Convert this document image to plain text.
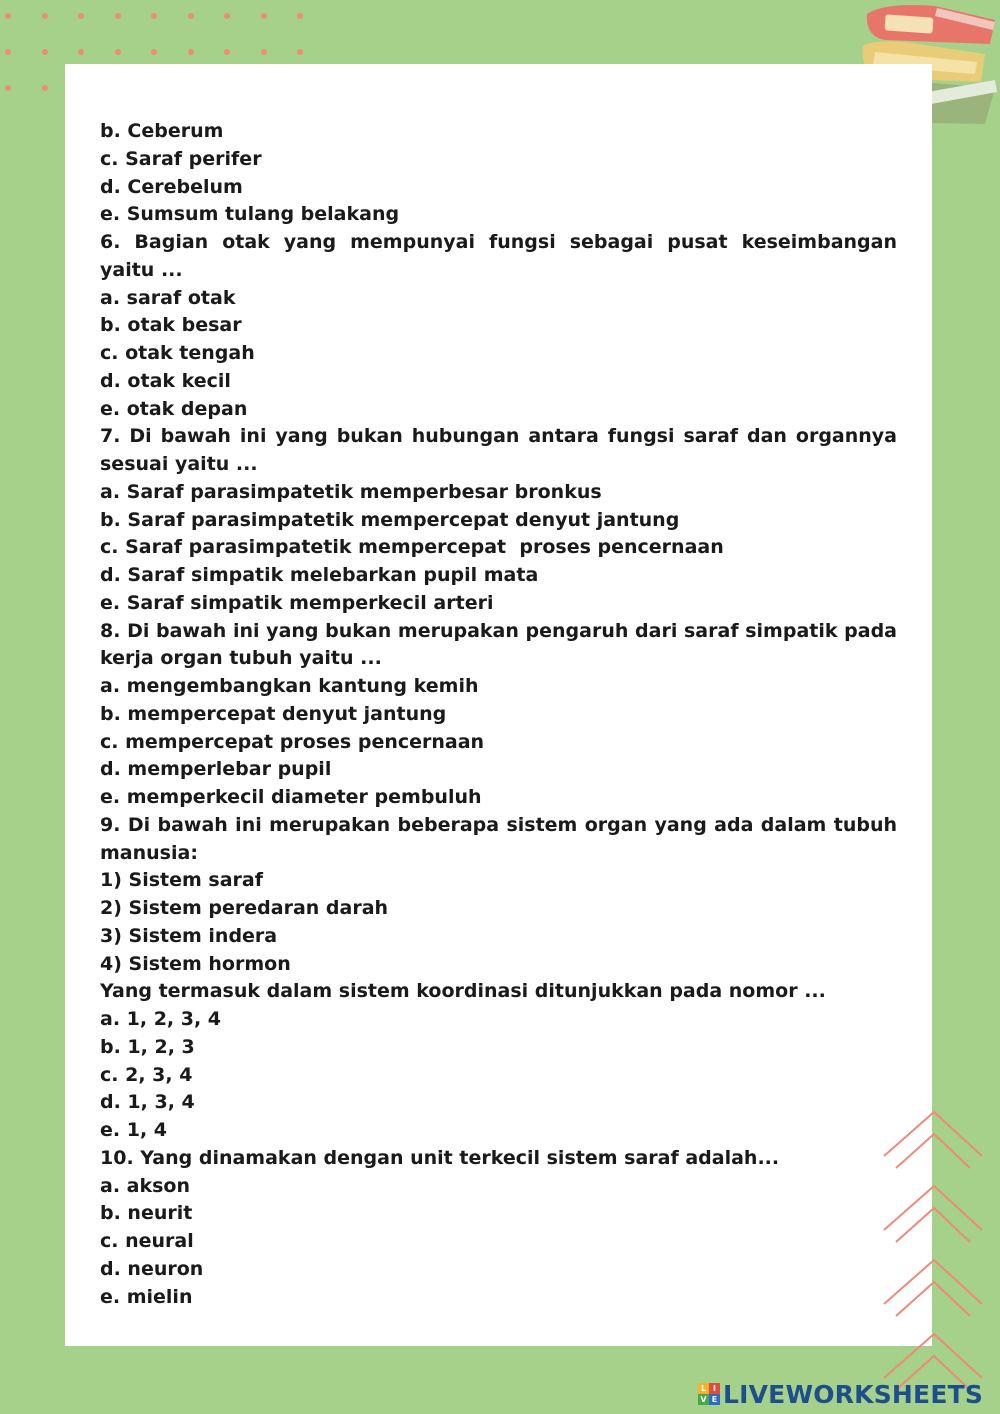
b. Ceberum
c. Saraf perifer
d. Cerebelum
e. Sumsum tulang belakang
6. Bagian otak yang mempunyai fungsi sebagai pusat keseimbangan
yaitu ...
a. saraf otak
b. otak besar
c. otak tengah
d. otak kecil
e. otak depan
7. Di bawah ini yang bukan hubungan antara fungsi saraf dan organnya
sesuai yaitu ...
a. Saraf parasimpatetik memperbesar bronkus
b. Saraf parasimpatetik mempercepat denyut jantung
c. Saraf parasimpatetik mempercepat  proses pencernaan
d. Saraf simpatik melebarkan pupil mata
e. Saraf simpatik memperkecil arteri
8. Di bawah ini yang bukan merupakan pengaruh dari saraf simpatik pada
kerja organ tubuh yaitu ...
a. mengembangkan kantung kemih
b. mempercepat denyut jantung
c. mempercepat proses pencernaan
d. memperlebar pupil
e. memperkecil diameter pembuluh
9. Di bawah ini merupakan beberapa sistem organ yang ada dalam tubuh
manusia:
1) Sistem saraf
2) Sistem peredaran darah
3) Sistem indera
4) Sistem hormon
Yang termasuk dalam sistem koordinasi ditunjukkan pada nomor ...
a. 1, 2, 3, 4
b. 1, 2, 3
c. 2, 3, 4
d. 1, 3, 4
e. 1, 4
10. Yang dinamakan dengan unit terkecil sistem saraf adalah...
a. akson
b. neurit
c. neural
d. neuron
e. mielin
L I
V E LIVEWORKSHEETS
